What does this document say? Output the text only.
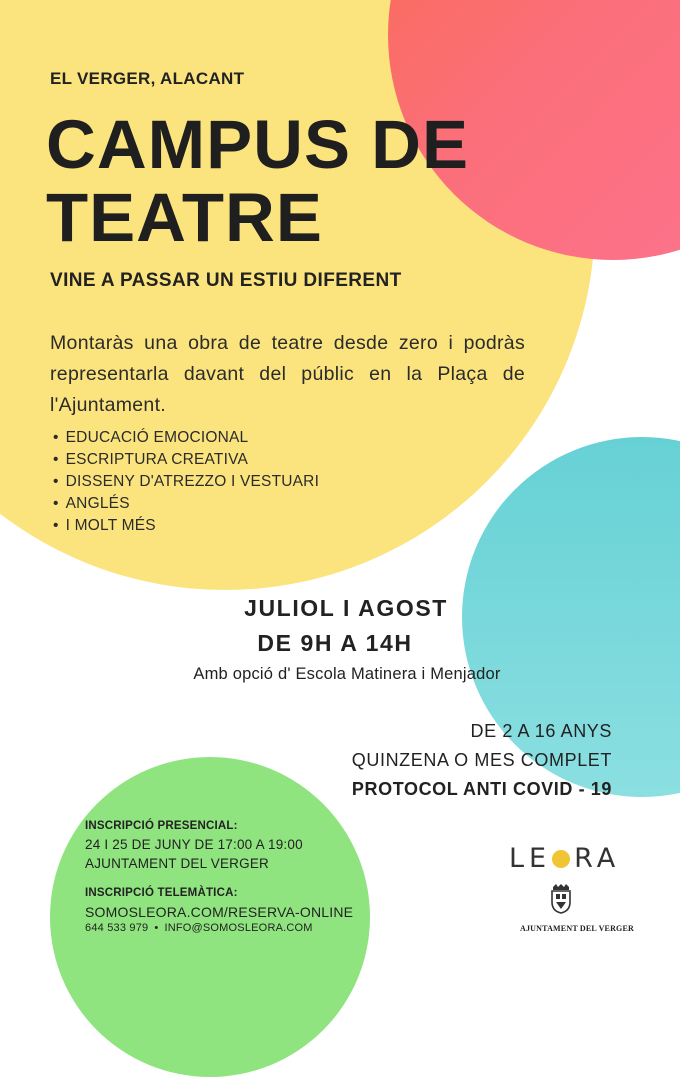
EL VERGER, ALACANT
CAMPUS DE
TEATRE
VINE A PASSAR UN ESTIU DIFERENT
Montaràs una obra de teatre desde zero i podràs representarla davant del públic en la Plaça de l'Ajuntament.
• EDUCACIÓ EMOCIONAL
• ESCRIPTURA CREATIVA
• DISSENY D'ATREZZO I VESTUARI
• ANGLÉS
• I MOLT MÉS
JULIOL I AGOST
DE 9H A 14H
Amb opció d' Escola Matinera i Menjador
DE 2 A 16 ANYS
QUINZENA O MES COMPLET
PROTOCOL ANTI COVID - 19
INSCRIPCIÓ PRESENCIAL:
24 I 25 DE JUNY DE 17:00 A 19:00
AJUNTAMENT DEL VERGER
INSCRIPCIÓ TELEMÀTICA:
SOMOSLEORA.COM/RESERVA-ONLINE
644 533 979 • INFO@SOMOSLEORA.COM
LE RA
AJUNTAMENT DEL VERGER
